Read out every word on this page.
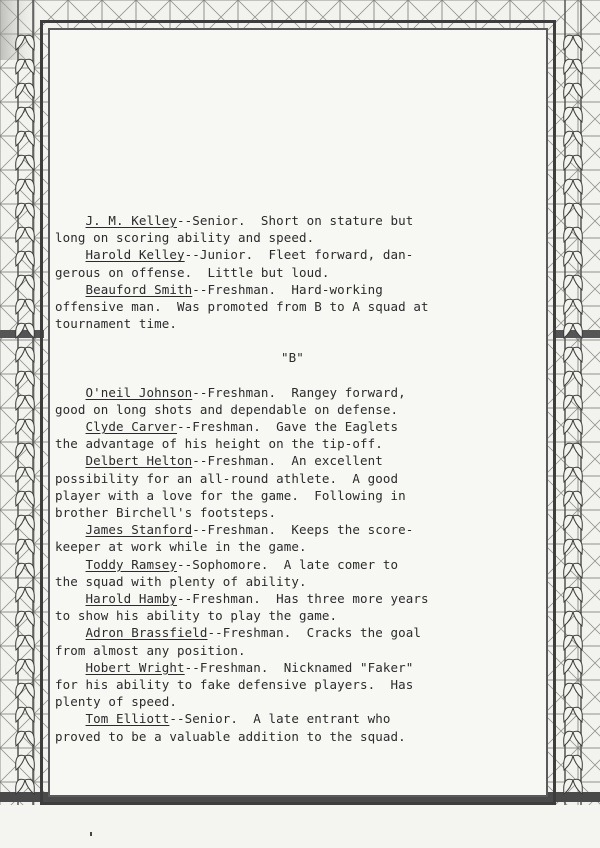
J. M. Kelley--Senior.  Short on stature but
long on scoring ability and speed.
Harold Kelley--Junior.  Fleet forward, dan-
gerous on offense.  Little but loud.
Beauford Smith--Freshman.  Hard-working
offensive man.  Was promoted from B to A squad at
tournament time.
"B"
O'neil Johnson--Freshman.  Rangey forward,
good on long shots and dependable on defense.
Clyde Carver--Freshman.  Gave the Eaglets
the advantage of his height on the tip-off.
Delbert Helton--Freshman.  An excellent
possibility for an all-round athlete.  A good
player with a love for the game.  Following in
brother Birchell's footsteps.
James Stanford--Freshman.  Keeps the score-
keeper at work while in the game.
Toddy Ramsey--Sophomore.  A late comer to
the squad with plenty of ability.
Harold Hamby--Freshman.  Has three more years
to show his ability to play the game.
Adron Brassfield--Freshman.  Cracks the goal
from almost any position.
Hobert Wright--Freshman.  Nicknamed "Faker"
for his ability to fake defensive players.  Has
plenty of speed.
Tom Elliott--Senior.  A late entrant who
proved to be a valuable addition to the squad.
